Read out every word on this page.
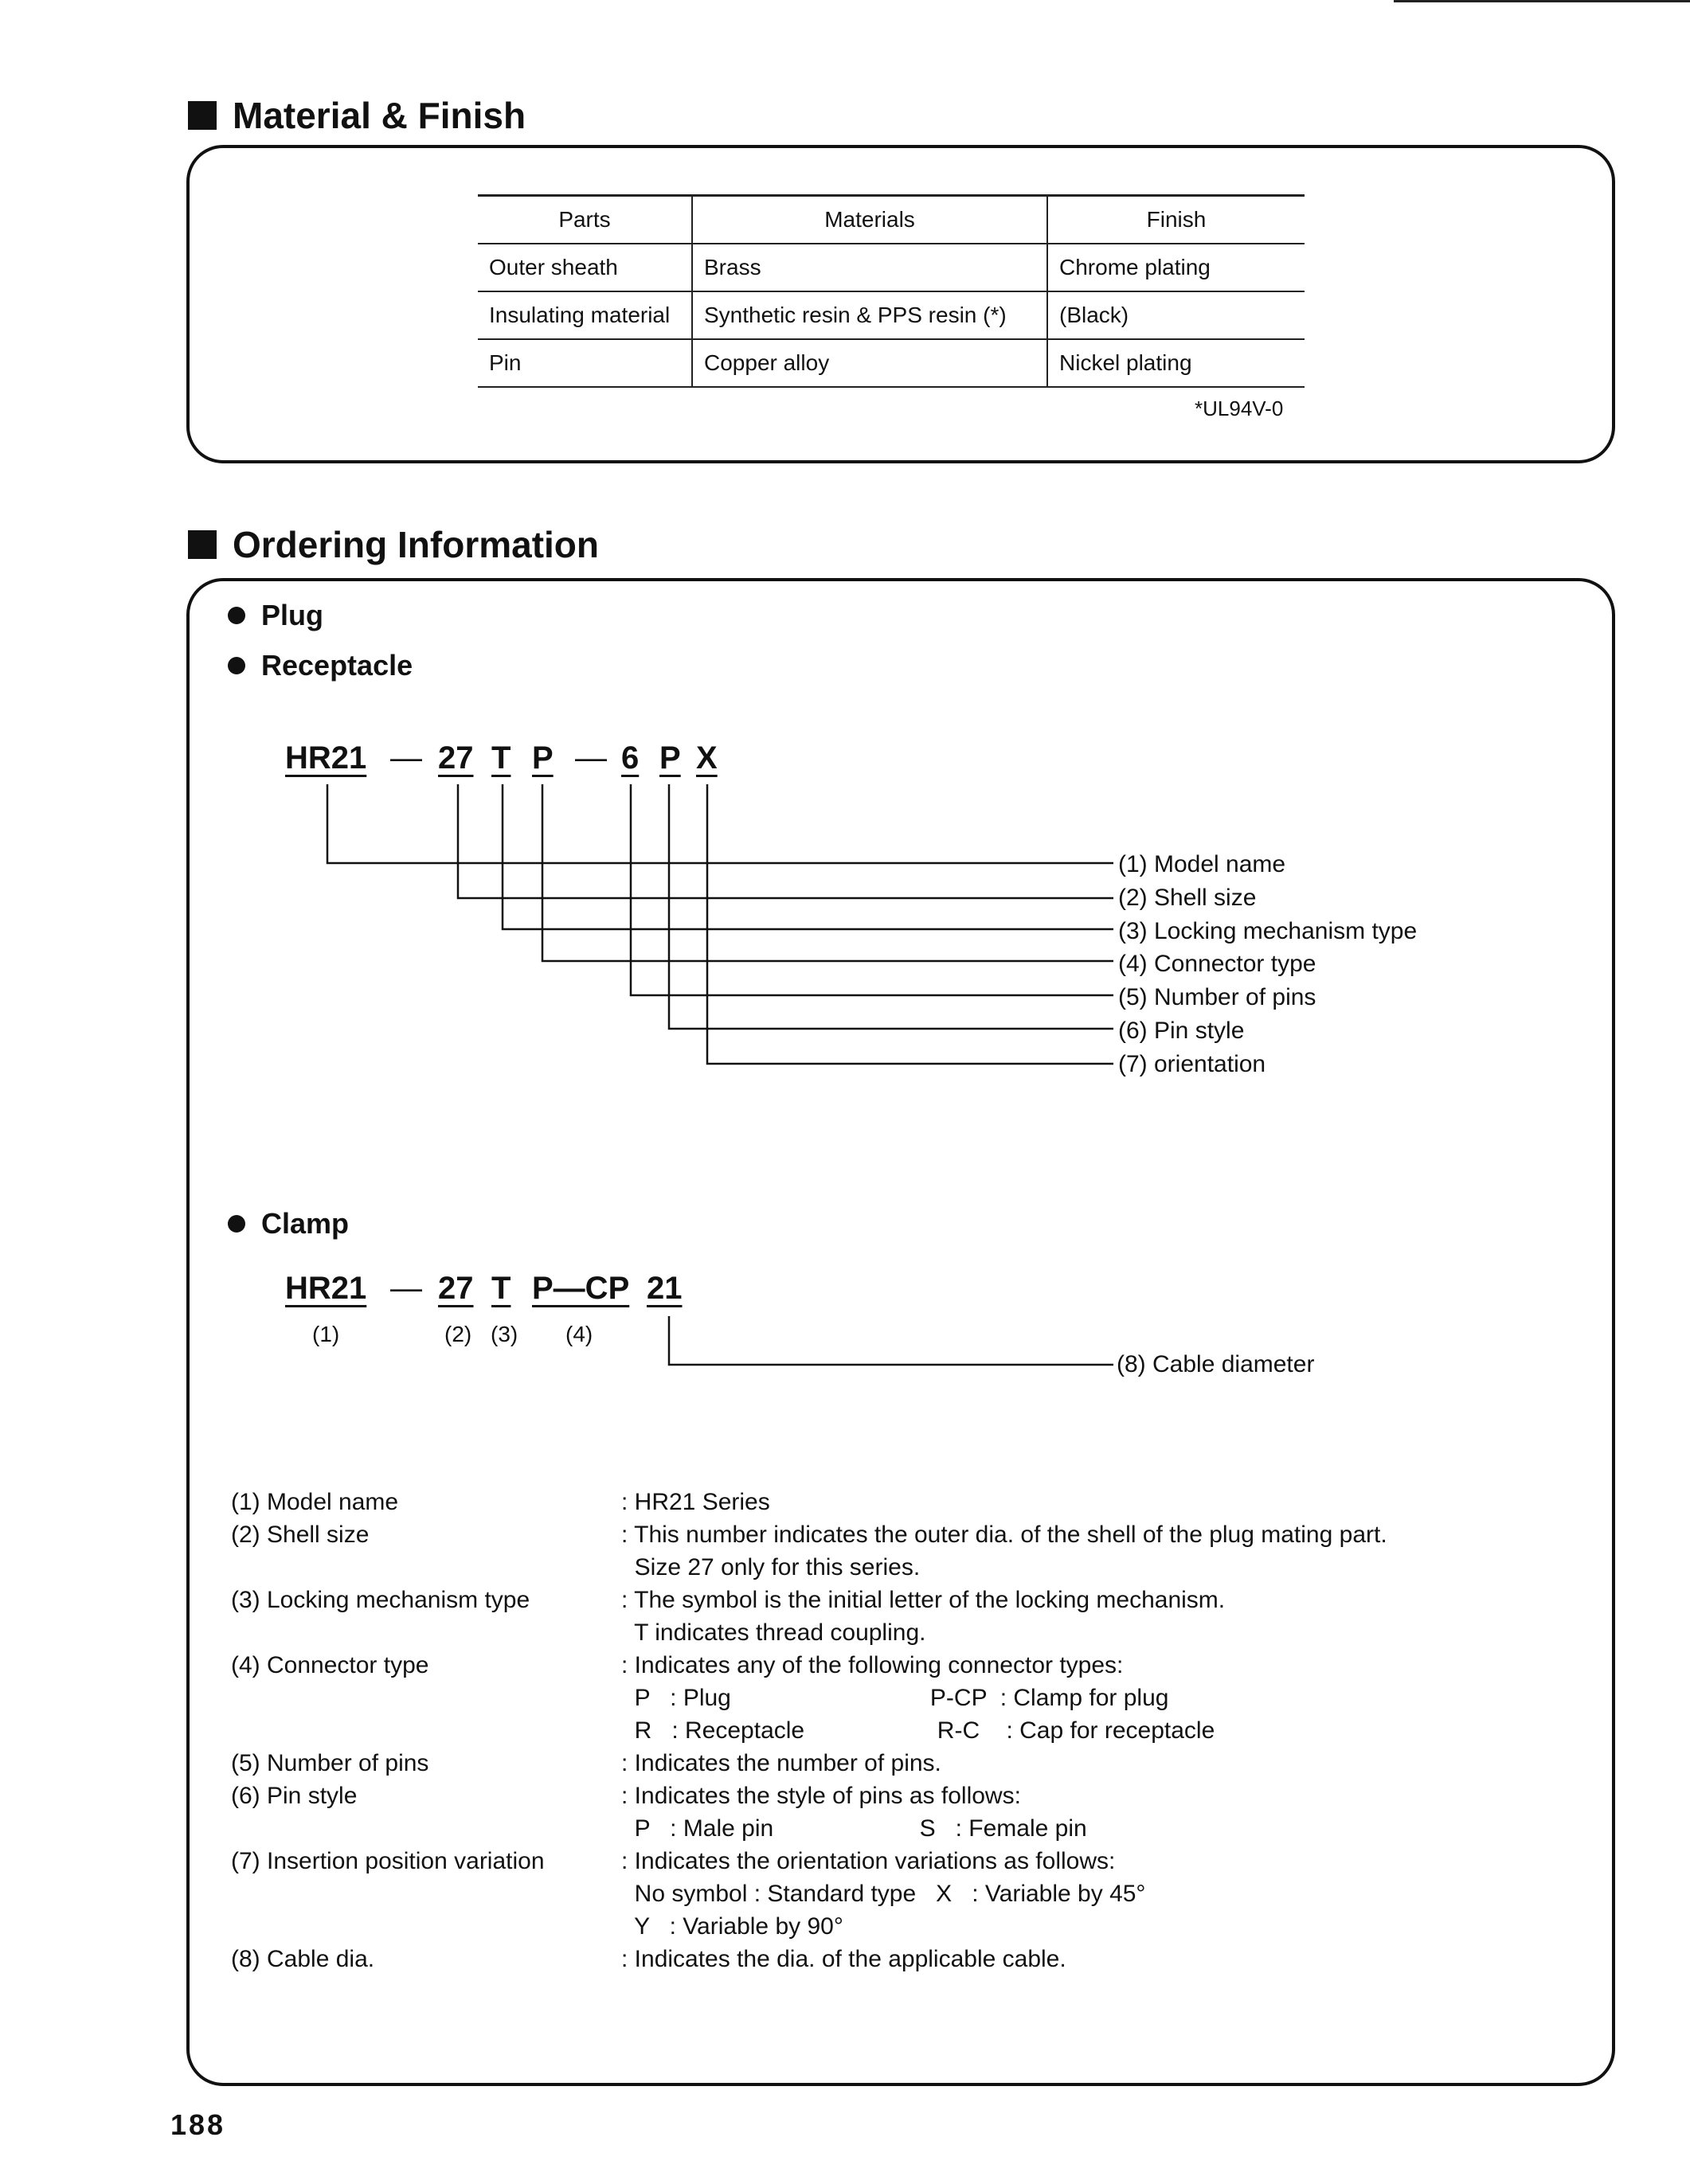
Material & Finish
Parts	Materials	Finish
Outer sheath	Brass	Chrome plating
Insulating material	Synthetic resin & PPS resin (*)	(Black)
Pin	Copper alloy	Nickel plating
*UL94V-0
Ordering Information
Plug
Receptacle
HR21 — 27 T P — 6 P X
(1) Model name
(2) Shell size
(3) Locking mechanism type
(4) Connector type
(5) Number of pins
(6) Pin style
(7) orientation
Clamp
HR21 — 27 T P—CP 21
(1)	(2) (3) (4)
(8) Cable diameter
(1) Model name	: HR21 Series
(2) Shell size	: This number indicates the outer dia. of the shell of the plug mating part.
Size 27 only for this series.
(3) Locking mechanism type	: The symbol is the initial letter of the locking mechanism.
T indicates thread coupling.
(4) Connector type	: Indicates any of the following connector types:
P   : Plug                              P-CP  : Clamp for plug
R   : Receptacle                    R-C    : Cap for receptacle
(5) Number of pins	: Indicates the number of pins.
(6) Pin style	: Indicates the style of pins as follows:
P   : Male pin                      S   : Female pin
(7) Insertion position variation	: Indicates the orientation variations as follows:
No symbol : Standard type   X   : Variable by 45°
Y   : Variable by 90°
(8) Cable dia.	: Indicates the dia. of the applicable cable.
188
